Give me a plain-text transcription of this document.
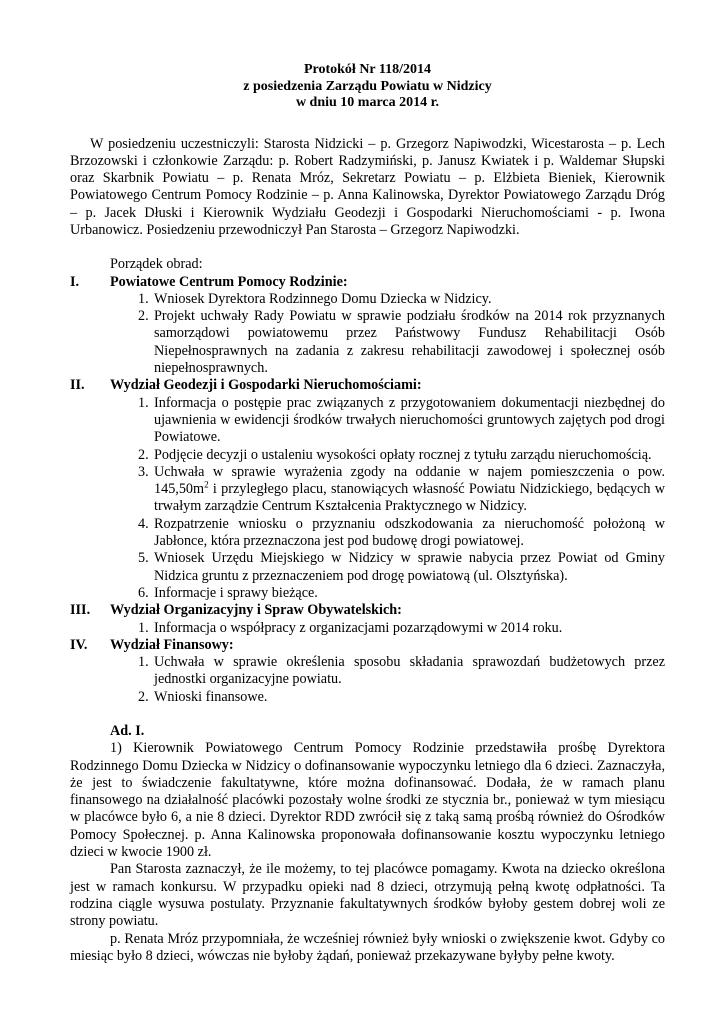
Protokół Nr 118/2014
z posiedzenia Zarządu Powiatu w Nidzicy
w dniu 10 marca 2014 r.
W posiedzeniu uczestniczyli: Starosta Nidzicki – p. Grzegorz Napiwodzki, Wicestarosta – p. Lech Brzozowski i członkowie Zarządu: p. Robert Radzymiński, p. Janusz Kwiatek i p. Waldemar Słupski oraz Skarbnik Powiatu – p. Renata Mróz, Sekretarz Powiatu – p. Elżbieta Bieniek, Kierownik Powiatowego Centrum Pomocy Rodzinie – p. Anna Kalinowska, Dyrektor Powiatowego Zarządu Dróg – p. Jacek Dłuski i Kierownik Wydziału Geodezji i Gospodarki Nieruchomościami - p. Iwona Urbanowicz. Posiedzeniu przewodniczył Pan Starosta – Grzegorz Napiwodzki.
Porządek obrad:
I.	Powiatowe Centrum Pomocy Rodzinie:
1. Wniosek Dyrektora Rodzinnego Domu Dziecka w Nidzicy.
2. Projekt uchwały Rady Powiatu w sprawie podziału środków na 2014 rok przyznanych samorządowi powiatowemu przez Państwowy Fundusz Rehabilitacji Osób Niepełnosprawnych na zadania z zakresu rehabilitacji zawodowej i społecznej osób niepełnosprawnych.
II.	Wydział Geodezji i Gospodarki Nieruchomościami:
1. Informacja o postępie prac związanych z przygotowaniem dokumentacji niezbędnej do ujawnienia w ewidencji środków trwałych nieruchomości gruntowych zajętych pod drogi Powiatowe.
2. Podjęcie decyzji o ustaleniu wysokości opłaty rocznej z tytułu zarządu nieruchomością.
3. Uchwała w sprawie wyrażenia zgody na oddanie w najem pomieszczenia o pow. $145,50m^2$ i przyległego placu, stanowiących własność Powiatu Nidzickiego, będących w trwałym zarządzie Centrum Kształcenia Praktycznego w Nidzicy.
4. Rozpatrzenie wniosku o przyznaniu odszkodowania za nieruchomość położoną w Jabłonce, która przeznaczona jest pod budowę drogi powiatowej.
5. Wniosek Urzędu Miejskiego w Nidzicy w sprawie nabycia przez Powiat od Gminy Nidzica gruntu z przeznaczeniem pod drogę powiatową (ul. Olsztyńska).
6. Informacje i sprawy bieżące.
III.	Wydział Organizacyjny i Spraw Obywatelskich:
1. Informacja o współpracy z organizacjami pozarządowymi w 2014 roku.
IV.	Wydział Finansowy:
1. Uchwała w sprawie określenia sposobu składania sprawozdań budżetowych przez jednostki organizacyjne powiatu.
2. Wnioski finansowe.
Ad. I.
1) Kierownik Powiatowego Centrum Pomocy Rodzinie przedstawiła prośbę Dyrektora Rodzinnego Domu Dziecka w Nidzicy o dofinansowanie wypoczynku letniego dla 6 dzieci. Zaznaczyła, że jest to świadczenie fakultatywne, które można dofinansować. Dodała, że w ramach planu finansowego na działalność placówki pozostały wolne środki ze stycznia br., ponieważ w tym miesiącu w placówce było 6, a nie 8 dzieci. Dyrektor RDD zwrócił się z taką samą prośbą również do Ośrodków Pomocy Społecznej. p. Anna Kalinowska proponowała dofinansowanie kosztu wypoczynku letniego dzieci w kwocie 1900 zł.
Pan Starosta zaznaczył, że ile możemy, to tej placówce pomagamy. Kwota na dziecko określona jest w ramach konkursu. W przypadku opieki nad 8 dzieci, otrzymują pełną kwotę odpłatności. Ta rodzina ciągle wysuwa postulaty. Przyznanie fakultatywnych środków byłoby gestem dobrej woli ze strony powiatu.
p. Renata Mróz przypomniała, że wcześniej również były wnioski o zwiększenie kwot. Gdyby co miesiąc było 8 dzieci, wówczas nie byłoby żądań, ponieważ przekazywane byłyby pełne kwoty.
